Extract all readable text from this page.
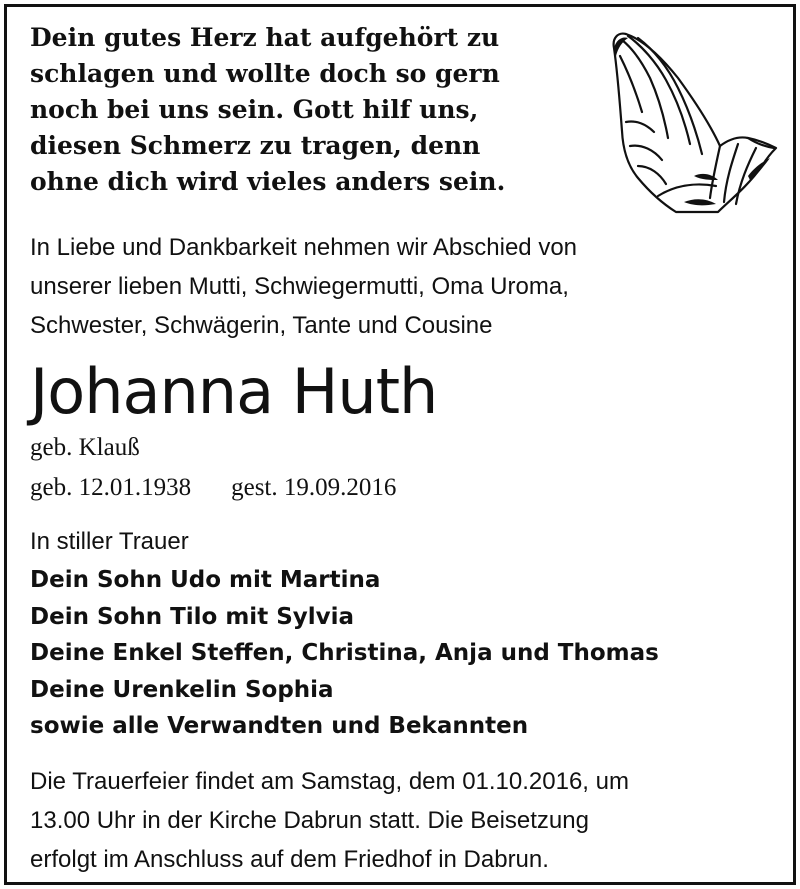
Dein gutes Herz hat aufgehört zu
schlagen und wollte doch so gern
noch bei uns sein. Gott hilf uns,
diesen Schmerz zu tragen, denn
ohne dich wird vieles anders sein.
In Liebe und Dankbarkeit nehmen wir Abschied von
unserer lieben Mutti, Schwiegermutti, Oma Uroma,
Schwester, Schwägerin, Tante und Cousine
Johanna Huth
geb. Klauß
geb. 12.01.1938 gest. 19.09.2016
In stiller Trauer
Dein Sohn Udo mit Martina
Dein Sohn Tilo mit Sylvia
Deine Enkel Steffen, Christina, Anja und Thomas
Deine Urenkelin Sophia
sowie alle Verwandten und Bekannten
Die Trauerfeier findet am Samstag, dem 01.10.2016, um
13.00 Uhr in der Kirche Dabrun statt. Die Beisetzung
erfolgt im Anschluss auf dem Friedhof in Dabrun.
